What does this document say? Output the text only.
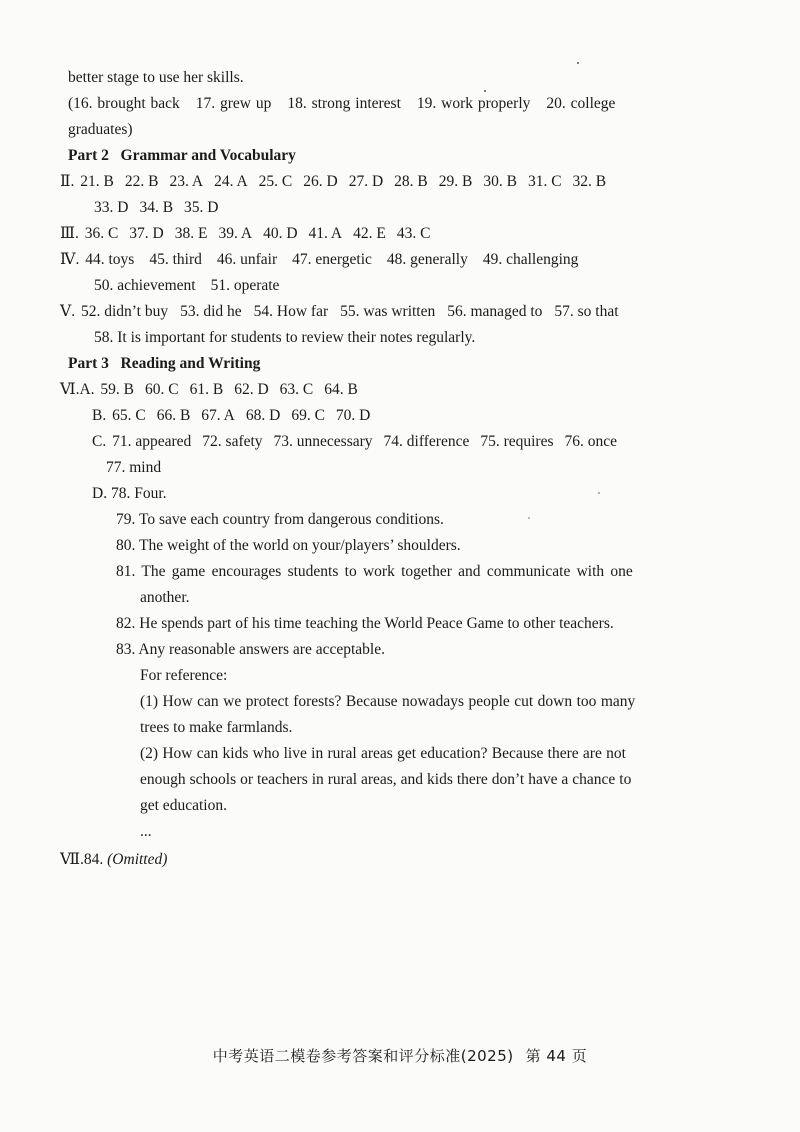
better stage to use her skills.
(16. brought back 17. grew up 18. strong interest 19. work properly 20. college
graduates)
Part 2   Grammar and Vocabulary
Ⅱ. 21. B 22. B 23. A 24. A 25. C 26. D 27. D 28. B 29. B 30. B 31. C 32. B
33. D 34. B 35. D
Ⅲ. 36. C 37. D 38. E 39. A 40. D 41. A 42. E 43. C
Ⅳ. 44. toys 45. third 46. unfair 47. energetic 48. generally 49. challenging
50. achievement 51. operate
Ⅴ. 52. didn’t buy 53. did he 54. How far 55. was written 56. managed to 57. so that
58. It is important for students to review their notes regularly.
Part 3   Reading and Writing
Ⅵ.A. 59. B 60. C 61. B 62. D 63. C 64. B
B. 65. C 66. B 67. A 68. D 69. C 70. D
C. 71. appeared 72. safety 73. unnecessary 74. difference 75. requires 76. once
77. mind
D. 78. Four.
79. To save each country from dangerous conditions.
80. The weight of the world on your/players’ shoulders.
81. The game encourages students to work together and communicate with one
another.
82. He spends part of his time teaching the World Peace Game to other teachers.
83. Any reasonable answers are acceptable.
For reference:
(1) How can we protect forests? Because nowadays people cut down too many
trees to make farmlands.
(2) How can kids who live in rural areas get education? Because there are not
enough schools or teachers in rural areas, and kids there don’t have a chance to
get education.
...
Ⅶ.84. (Omitted)
中考英语二模卷参考答案和评分标准(2025) 第 44 页
